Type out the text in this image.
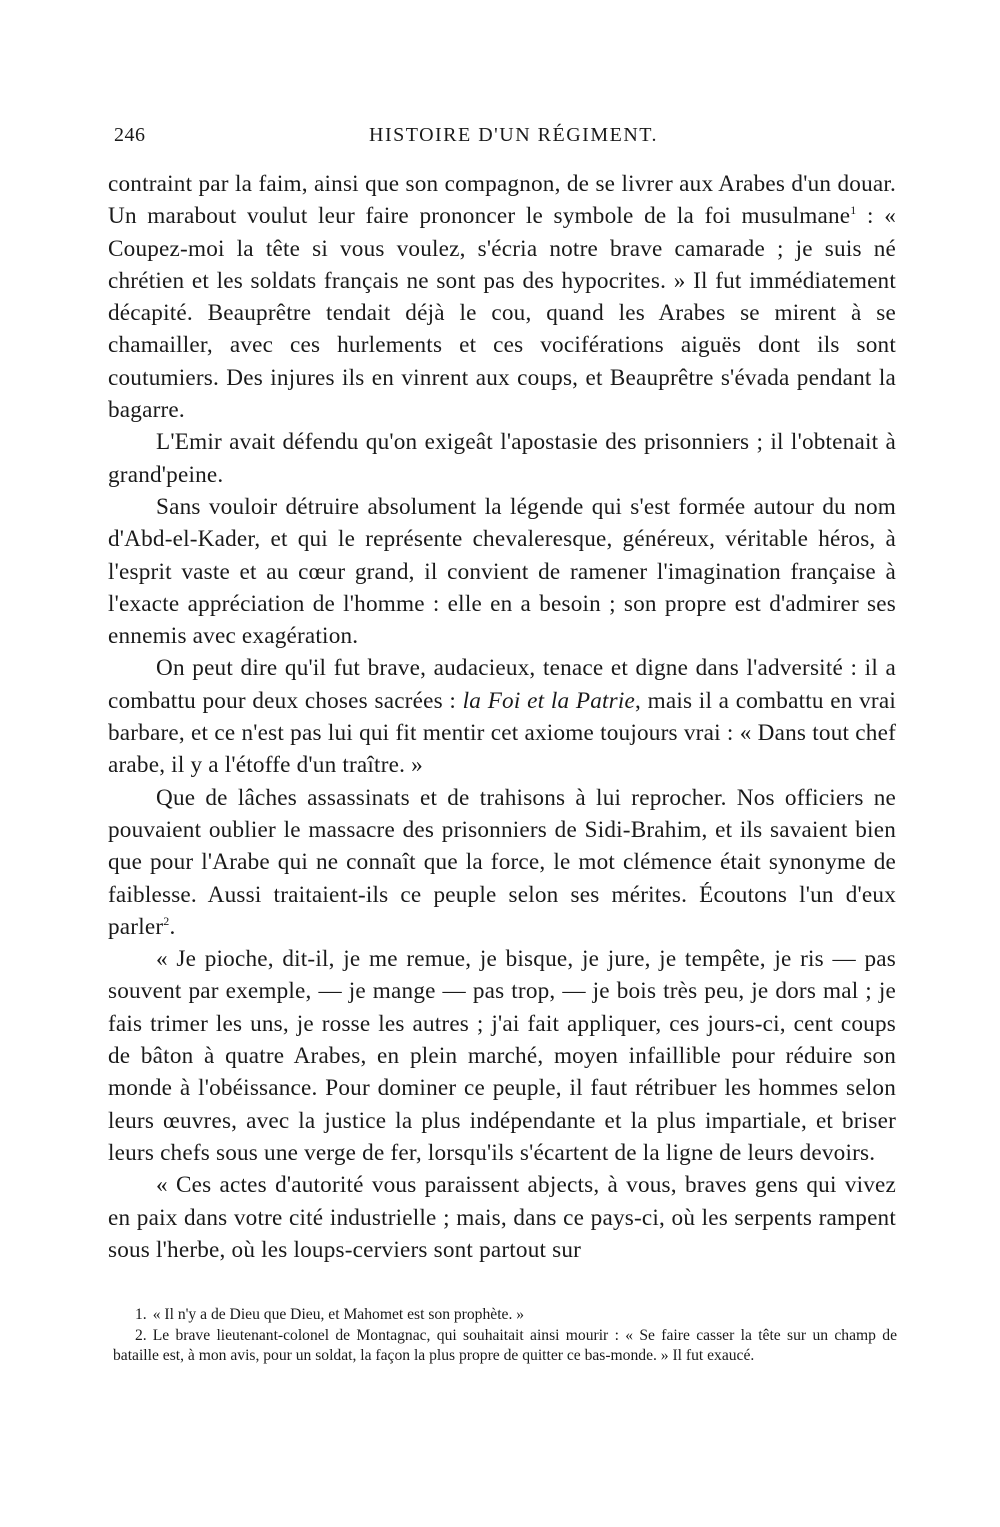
246	HISTOIRE D'UN RÉGIMENT.

contraint par la faim, ainsi que son compagnon, de se livrer aux Arabes d'un douar. Un marabout voulut leur faire prononcer le symbole de la foi musulmane$^1$ : « Coupez-moi la tête si vous voulez, s'écria notre brave camarade ; je suis né chrétien et les soldats français ne sont pas des hypocrites. » Il fut immédiatement décapité. Beauprêtre tendait déjà le cou, quand les Arabes se mirent à se chamailler, avec ces hurlements et ces vociférations aiguës dont ils sont coutumiers. Des injures ils en vinrent aux coups, et Beauprêtre s'évada pendant la bagarre.

L'Emir avait défendu qu'on exigeât l'apostasie des prisonniers ; il l'obtenait à grand'peine.

Sans vouloir détruire absolument la légende qui s'est formée autour du nom d'Abd-el-Kader, et qui le représente chevaleresque, généreux, véritable héros, à l'esprit vaste et au cœur grand, il convient de ramener l'imagination française à l'exacte appréciation de l'homme : elle en a besoin ; son propre est d'admirer ses ennemis avec exagération.

On peut dire qu'il fut brave, audacieux, tenace et digne dans l'adversité : il a combattu pour deux choses sacrées : la Foi et la Patrie, mais il a combattu en vrai barbare, et ce n'est pas lui qui fit mentir cet axiome toujours vrai : « Dans tout chef arabe, il y a l'étoffe d'un traître. »

Que de lâches assassinats et de trahisons à lui reprocher. Nos officiers ne pouvaient oublier le massacre des prisonniers de Sidi-Brahim, et ils savaient bien que pour l'Arabe qui ne connaît que la force, le mot clémence était synonyme de faiblesse. Aussi traitaient-ils ce peuple selon ses mérites. Écoutons l'un d'eux parler$^2$.

« Je pioche, dit-il, je me remue, je bisque, je jure, je tempête, je ris — pas souvent par exemple, — je mange — pas trop, — je bois très peu, je dors mal ; je fais trimer les uns, je rosse les autres ; j'ai fait appliquer, ces jours-ci, cent coups de bâton à quatre Arabes, en plein marché, moyen infaillible pour réduire son monde à l'obéissance. Pour dominer ce peuple, il faut rétribuer les hommes selon leurs œuvres, avec la justice la plus indépendante et la plus impartiale, et briser leurs chefs sous une verge de fer, lorsqu'ils s'écartent de la ligne de leurs devoirs.

« Ces actes d'autorité vous paraissent abjects, à vous, braves gens qui vivez en paix dans votre cité industrielle ; mais, dans ce pays-ci, où les serpents rampent sous l'herbe, où les loups-cerviers sont partout sur

1. « Il n'y a de Dieu que Dieu, et Mahomet est son prophète. »

2. Le brave lieutenant-colonel de Montagnac, qui souhaitait ainsi mourir : « Se faire casser la tête sur un champ de bataille est, à mon avis, pour un soldat, la façon la plus propre de quitter ce bas-monde. » Il fut exaucé.
